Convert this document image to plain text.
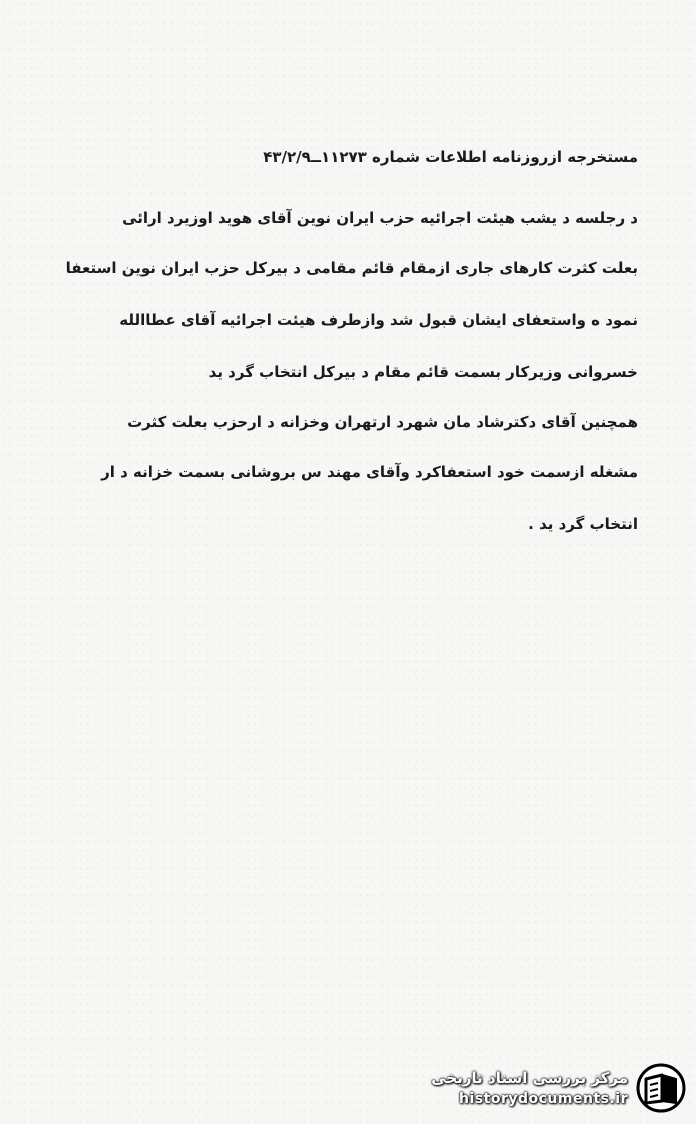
مستخرجه ازروزنامه اطلاعات شماره ۱۱۲۷۳ــ۴۳/۲/۹
د رجلسه د یشب هیئت اجرائیه حزب ایران نوین آقای هوید اوزیرد ارائی
بعلت کثرت کارهای جاری ازمقام قائم مقامی د بیرکل حزب ایران نوین استعفا
نمود ه واستعفای ایشان قبول شد وازطرف هیئت اجرائیه آقای عطاالله
خسروانی وزیرکار بسمت قائم مقام د بیرکل انتخاب گرد ید
همچنین آقای دکترشاد مان شهرد ارتهران وخزانه د ارحزب بعلت کثرت
مشغله ازسمت خود استعفاکرد وآقای مهند س بروشانی بسمت خزانه د ار
انتخاب گرد ید .
مرکز بررسی اسناد تاریخی
historydocuments.ir
